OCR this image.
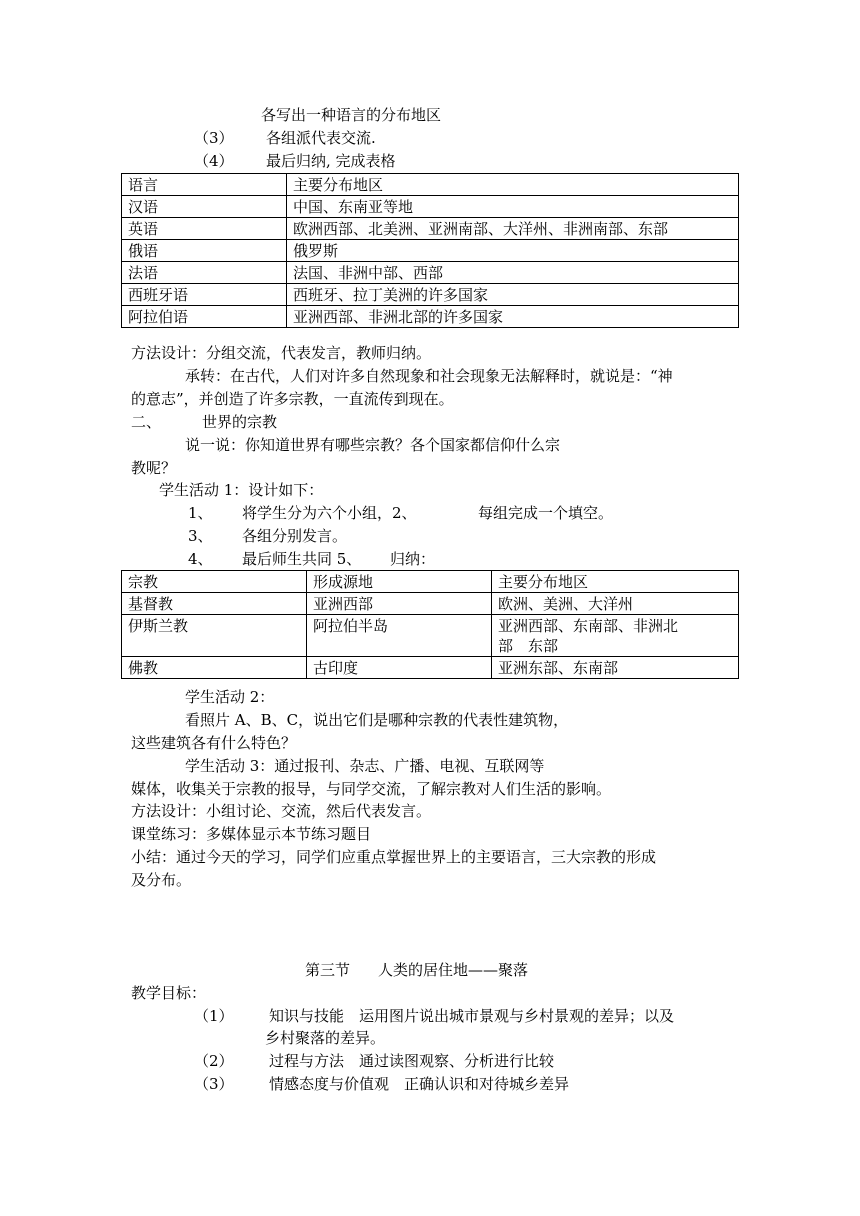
各写出一种语言的分布地区
（3） 各组派代表交流.
（4） 最后归纳, 完成表格
语言	主要分布地区
汉语	中国、东南亚等地
英语	欧洲西部、北美洲、亚洲南部、大洋州、非洲南部、东部
俄语	俄罗斯
法语	法国、非洲中部、西部
西班牙语	西班牙、拉丁美洲的许多国家
阿拉伯语	亚洲西部、非洲北部的许多国家
方法设计：分组交流，代表发言，教师归纳。
承转：在古代，人们对许多自然现象和社会现象无法解释时，就说是：“神
的意志”，并创造了许多宗教，一直流传到现在。
二、	世界的宗教
说一说：你知道世界有哪些宗教？各个国家都信仰什么宗
教呢？
学生活动 1：设计如下：
1、 将学生分为六个小组，2、	每组完成一个填空。
3、 各组分别发言。
4、 最后师生共同 5、 归纳：
宗教	形成源地	主要分布地区
基督教	亚洲西部	欧洲、美洲、大洋州
伊斯兰教	阿拉伯半岛	亚洲西部、东南部、非洲北
部　东部

佛教	古印度	亚洲东部、东南部
学生活动 2：
看照片 A、B、C，说出它们是哪种宗教的代表性建筑物，
这些建筑各有什么特色？
学生活动 3：通过报刊、杂志、广播、电视、互联网等
媒体，收集关于宗教的报导，与同学交流，了解宗教对人们生活的影响。
方法设计：小组讨论、交流，然后代表发言。
课堂练习：多媒体显示本节练习题目
小结：通过今天的学习，同学们应重点掌握世界上的主要语言，三大宗教的形成
及分布。
第三节 人类的居住地——聚落
教学目标：
（1） 知识与技能　运用图片说出城市景观与乡村景观的差异；以及
乡村聚落的差异。
（2） 过程与方法　通过读图观察、分析进行比较
（3） 情感态度与价值观　正确认识和对待城乡差异
